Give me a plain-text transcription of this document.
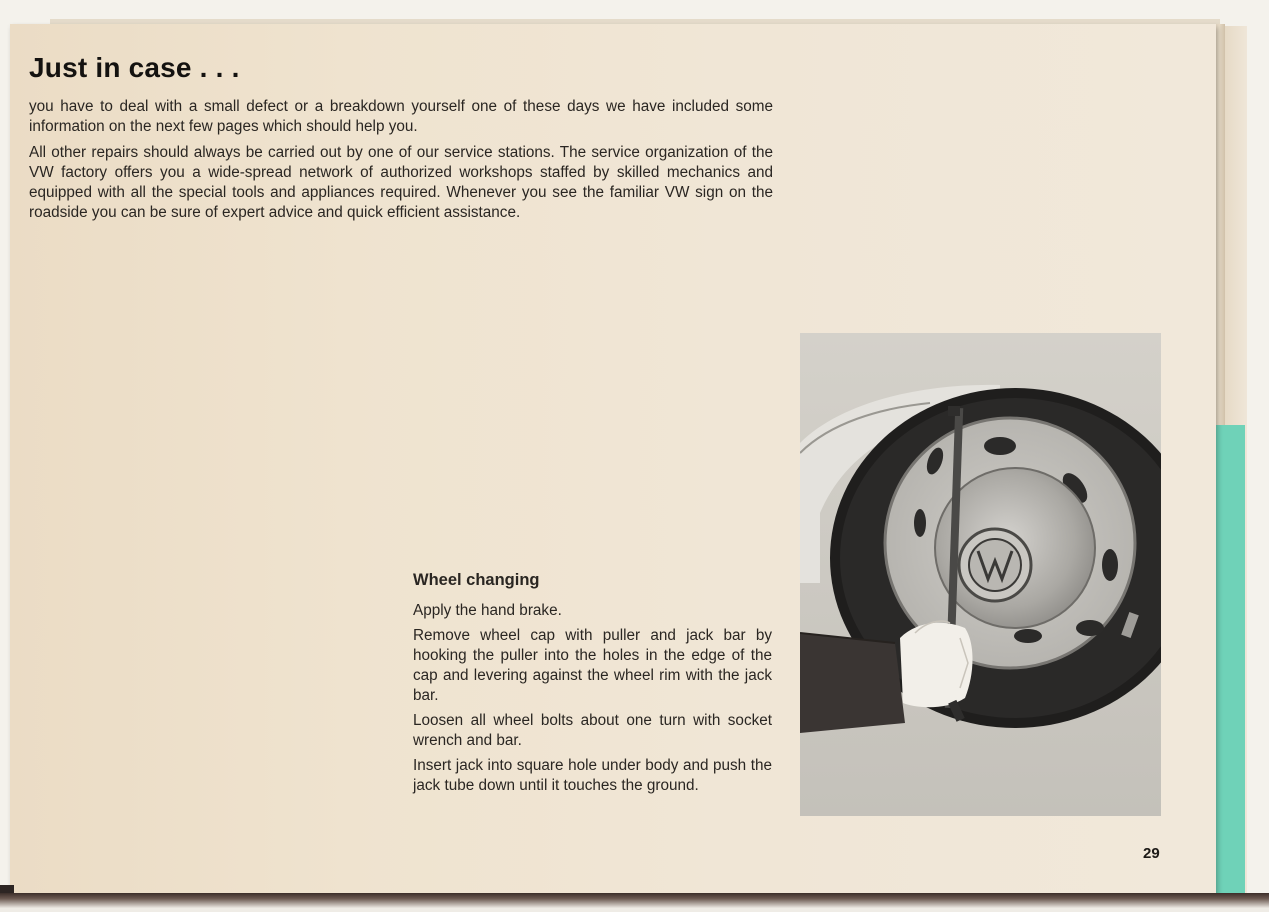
Just in case . . .

you have to deal with a small defect or a breakdown yourself one of these days we have included some information on the next few pages which should help you.

All other repairs should always be carried out by one of our service stations. The service organization of the VW factory offers you a wide-spread network of authorized workshops staffed by skilled mechanics and equipped with all the special tools and appliances required. Whenever you see the familiar VW sign on the roadside you can be sure of expert advice and quick efficient assistance.

Wheel changing

Apply the hand brake.

Remove wheel cap with puller and jack bar by hooking the puller into the holes in the edge of the cap and levering against the wheel rim with the jack bar.

Loosen all wheel bolts about one turn with socket wrench and bar.

Insert jack into square hole under body and push the jack tube down until it touches the ground.

29
